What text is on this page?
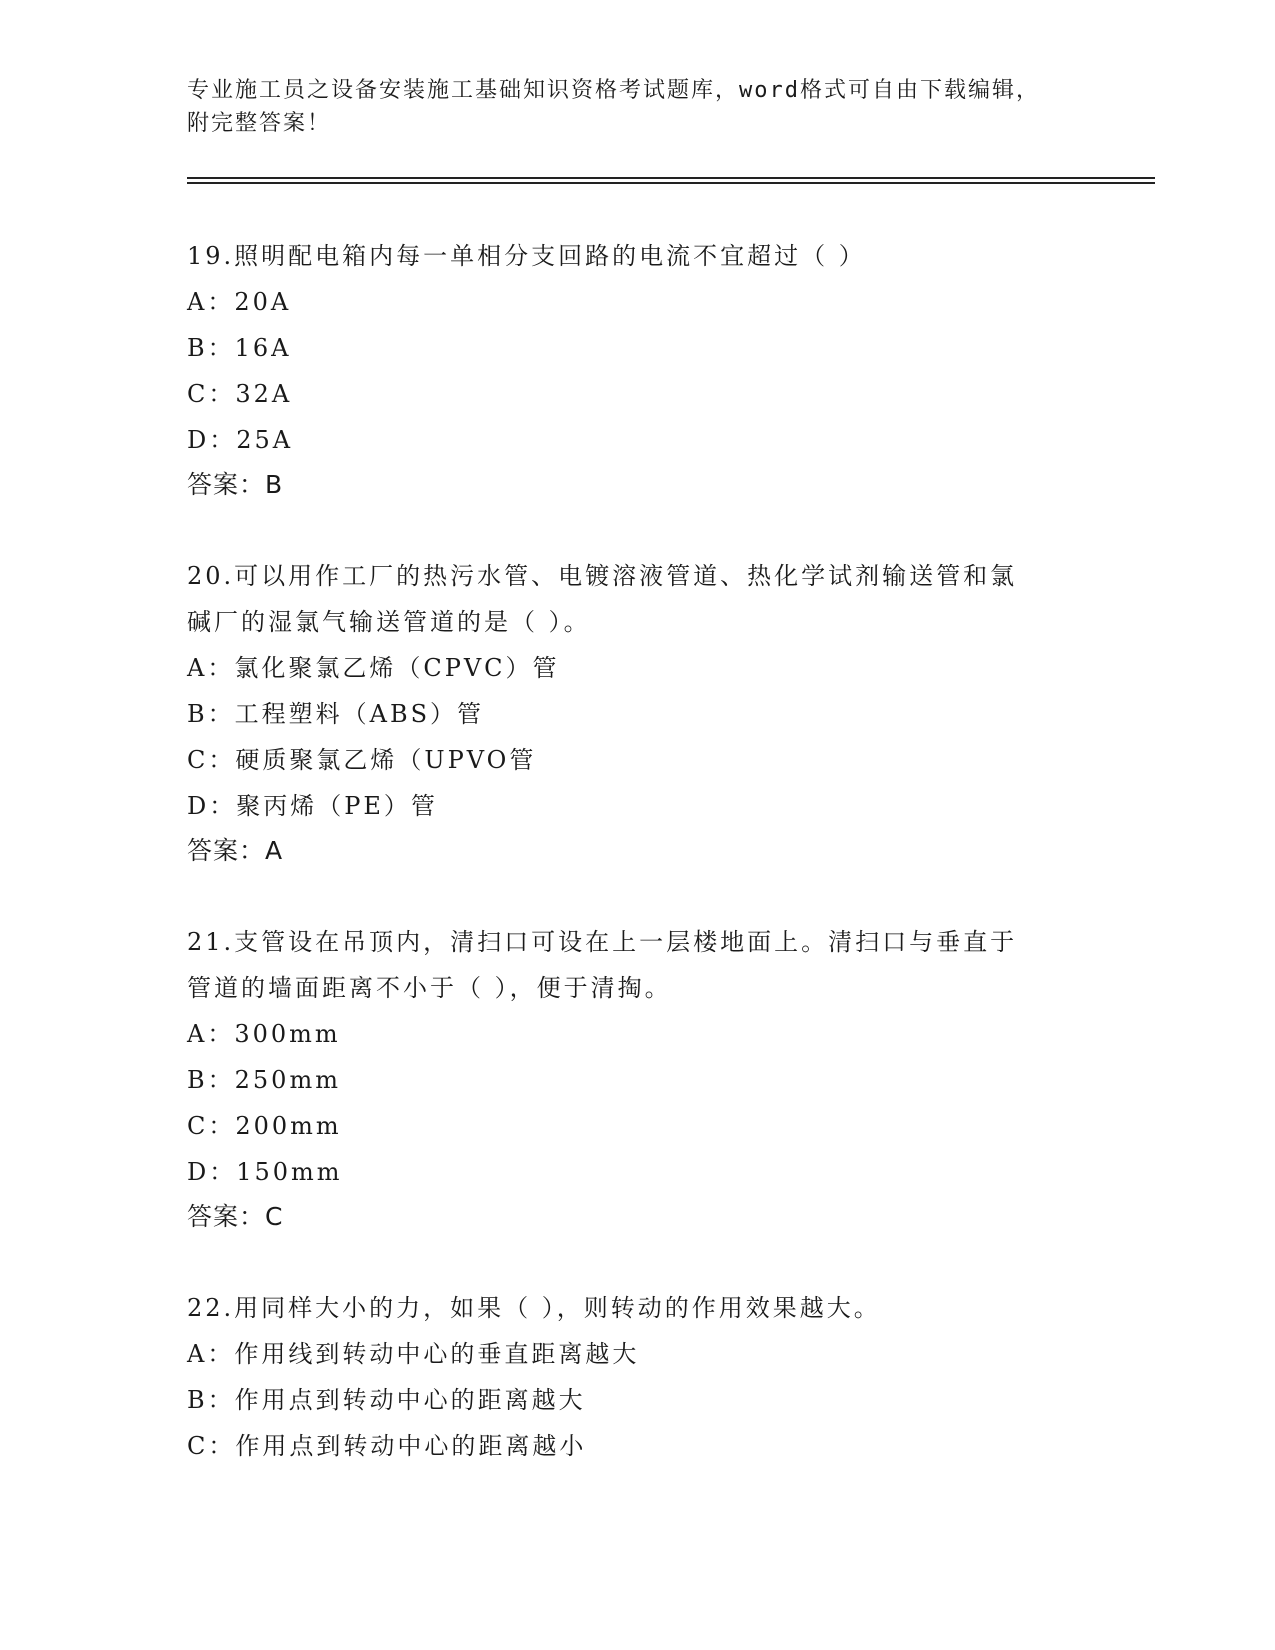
专业施工员之设备安装施工基础知识资格考试题库，word格式可自由下载编辑，
附完整答案！
19.照明配电箱内每一单相分支回路的电流不宜超过（ ）
A：20A
B：16A
C：32A
D：25A
答案：B
20.可以用作工厂的热污水管、电镀溶液管道、热化学试剂输送管和氯
碱厂的湿氯气输送管道的是（ ）。
A：氯化聚氯乙烯（CPVC）管
B：工程塑料（ABS）管
C：硬质聚氯乙烯（UPVO管
D：聚丙烯（PE）管
答案：A
21.支管设在吊顶内，清扫口可设在上一层楼地面上。清扫口与垂直于
管道的墙面距离不小于（ ），便于清掏。
A：300mm
B：250mm
C：200mm
D：150mm
答案：C
22.用同样大小的力，如果（ ），则转动的作用效果越大。
A：作用线到转动中心的垂直距离越大
B：作用点到转动中心的距离越大
C：作用点到转动中心的距离越小
